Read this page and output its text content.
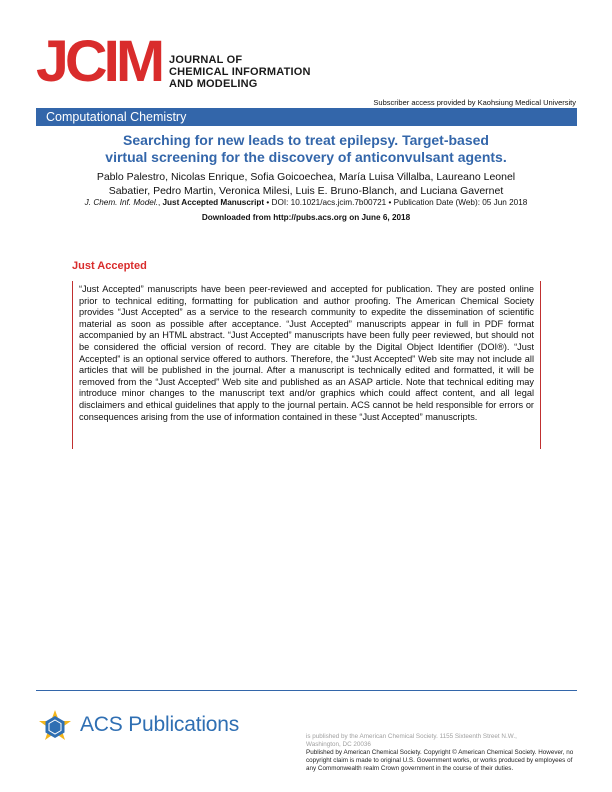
JCIM JOURNAL OF
CHEMICAL INFORMATION
AND MODELING
Subscriber access provided by Kaohsiung Medical University
Computational Chemistry
Searching for new leads to treat epilepsy. Target-based
virtual screening for the discovery of anticonvulsant agents.
Pablo Palestro, Nicolas Enrique, Sofia Goicoechea, María Luisa Villalba, Laureano Leonel
Sabatier, Pedro Martin, Veronica Milesi, Luis E. Bruno-Blanch, and Luciana Gavernet
J. Chem. Inf. Model., Just Accepted Manuscript • DOI: 10.1021/acs.jcim.7b00721 • Publication Date (Web): 05 Jun 2018
Downloaded from http://pubs.acs.org on June 6, 2018
Just Accepted
“Just Accepted” manuscripts have been peer-reviewed and accepted for publication. They are posted online prior to technical editing, formatting for publication and author proofing. The American Chemical Society provides “Just Accepted” as a service to the research community to expedite the dissemination of scientific material as soon as possible after acceptance. “Just Accepted” manuscripts appear in full in PDF format accompanied by an HTML abstract. “Just Accepted” manuscripts have been fully peer reviewed, but should not be considered the official version of record. They are citable by the Digital Object Identifier (DOI®). “Just Accepted” is an optional service offered to authors. Therefore, the “Just Accepted” Web site may not include all articles that will be published in the journal. After a manuscript is technically edited and formatted, it will be removed from the “Just Accepted” Web site and published as an ASAP article. Note that technical editing may introduce minor changes to the manuscript text and/or graphics which could affect content, and all legal disclaimers and ethical guidelines that apply to the journal pertain. ACS cannot be held responsible for errors or consequences arising from the use of information contained in these “Just Accepted” manuscripts.
ACS Publications
is published by the American Chemical Society. 1155 Sixteenth Street N.W.,
Washington, DC 20036
Published by American Chemical Society. Copyright © American Chemical Society. However, no copyright claim is made to original U.S. Government works, or works produced by employees of any Commonwealth realm Crown government in the course of their duties.
